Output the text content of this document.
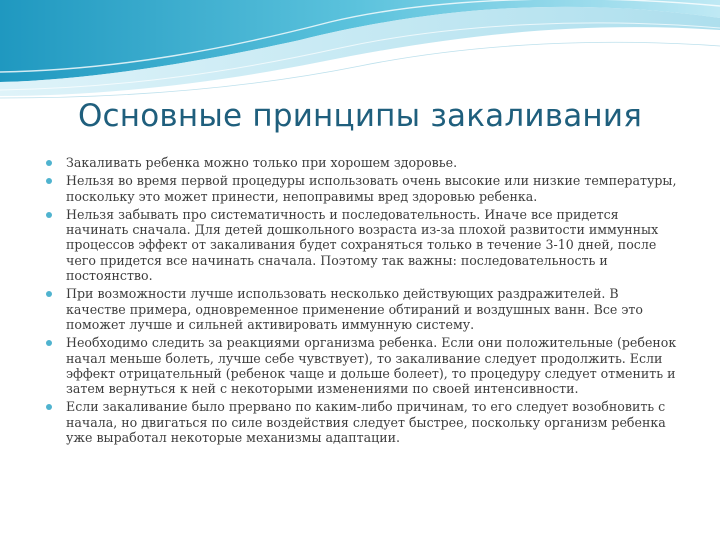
Основные принципы закаливания
Закаливать ребенка можно только при хорошем здоровье.
Нельзя во время первой процедуры использовать очень высокие или низкие температуры, поскольку это может принести, непоправимы вред здоровью ребенка.
Нельзя забывать про систематичность и последовательность. Иначе все придется начинать сначала. Для детей дошкольного возраста из-за плохой развитости иммунных процессов эффект от закаливания будет сохраняться только в течение 3-10 дней, после чего придется все начинать сначала. Поэтому так важны: последовательность и постоянство.
При возможности лучше использовать несколько действующих раздражителей. В качестве примера, одновременное применение обтираний и воздушных ванн. Все это поможет лучше и сильней активировать иммунную систему.
Необходимо следить за реакциями организма ребенка. Если они положительные (ребенок начал меньше болеть, лучше себе чувствует), то закаливание следует продолжить. Если эффект отрицательный (ребенок чаще и дольше болеет), то процедуру следует отменить и затем вернуться к ней с некоторыми изменениями по своей интенсивности.
Если закаливание было прервано по каким-либо причинам, то его следует возобновить с начала, но двигаться по силе воздействия следует быстрее, поскольку организм ребенка уже выработал некоторые механизмы адаптации.
